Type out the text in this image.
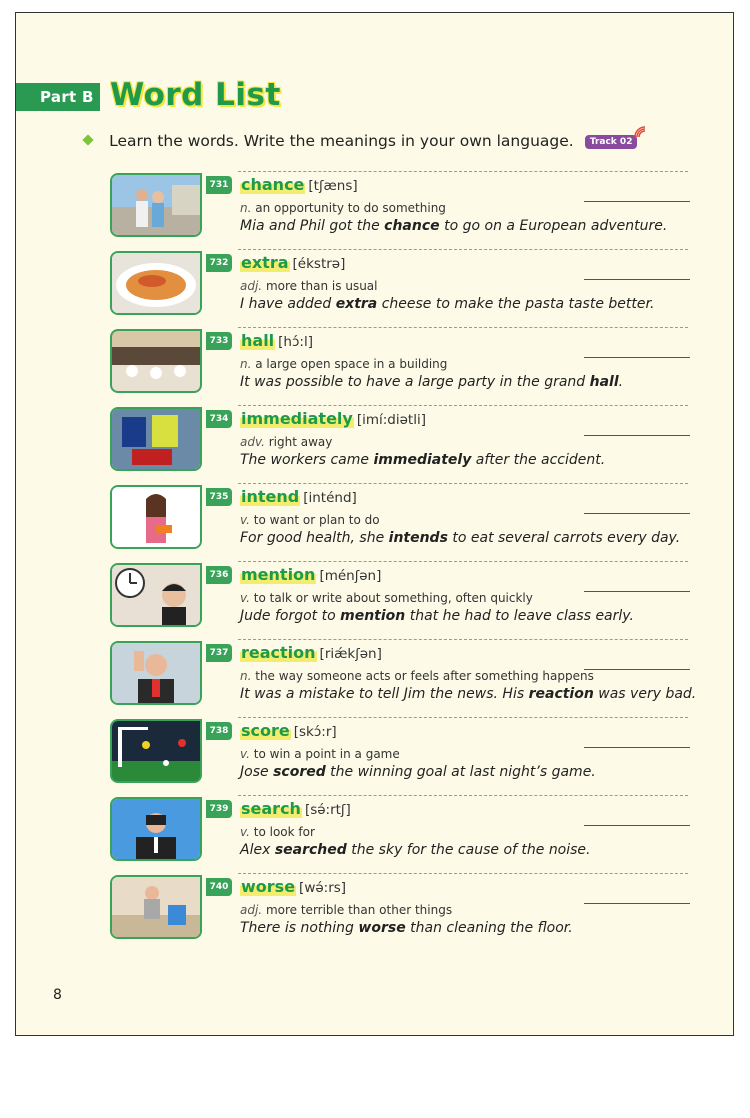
Part B Word List
Learn the words. Write the meanings in your own language. Track 02
731 chance [tʃæns]
n. an opportunity to do something
Mia and Phil got the chance to go on a European adventure.
732 extra [ékstrə]
adj. more than is usual
I have added extra cheese to make the pasta taste better.
733 hall [hɔ́:l]
n. a large open space in a building
It was possible to have a large party in the grand hall.
734 immediately [imí:diətli]
adv. right away
The workers came immediately after the accident.
735 intend [inténd]
v. to want or plan to do
For good health, she intends to eat several carrots every day.
736 mention [ménʃən]
v. to talk or write about something, often quickly
Jude forgot to mention that he had to leave class early.
737 reaction [riǽkʃən]
n. the way someone acts or feels after something happens
It was a mistake to tell Jim the news. His reaction was very bad.
738 score [skɔ́:r]
v. to win a point in a game
Jose scored the winning goal at last night’s game.
739 search [sə́:rtʃ]
v. to look for
Alex searched the sky for the cause of the noise.
740 worse [wə́:rs]
adj. more terrible than other things
There is nothing worse than cleaning the floor.
8
